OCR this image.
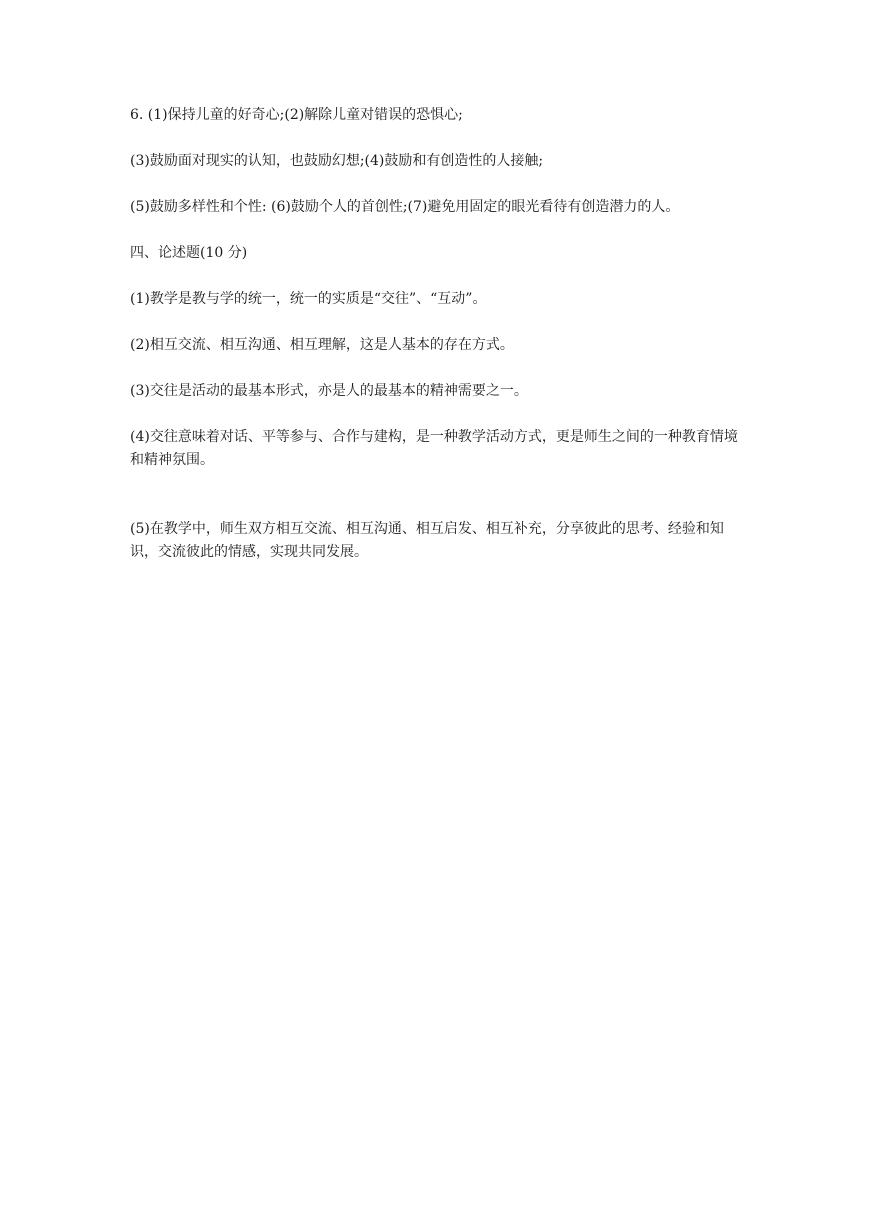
6. (1)保持儿童的好奇心;(2)解除儿童对错误的恐惧心;

(3)鼓励面对现实的认知，也鼓励幻想;(4)鼓励和有创造性的人接触;

(5)鼓励多样性和个性: (6)鼓励个人的首创性;(7)避免用固定的眼光看待有创造潜力的人。

四、论述题(10 分)

(1)教学是教与学的统一，统一的实质是“交往”、“互动”。

(2)相互交流、相互沟通、相互理解，这是人基本的存在方式。

(3)交往是活动的最基本形式，亦是人的最基本的精神需要之一。

(4)交往意味着对话、平等参与、合作与建构，是一种教学活动方式，更是师生之间的一种教育情境和精神氛围。

(5)在教学中，师生双方相互交流、相互沟通、相互启发、相互补充，分享彼此的思考、经验和知识，交流彼此的情感，实现共同发展。
